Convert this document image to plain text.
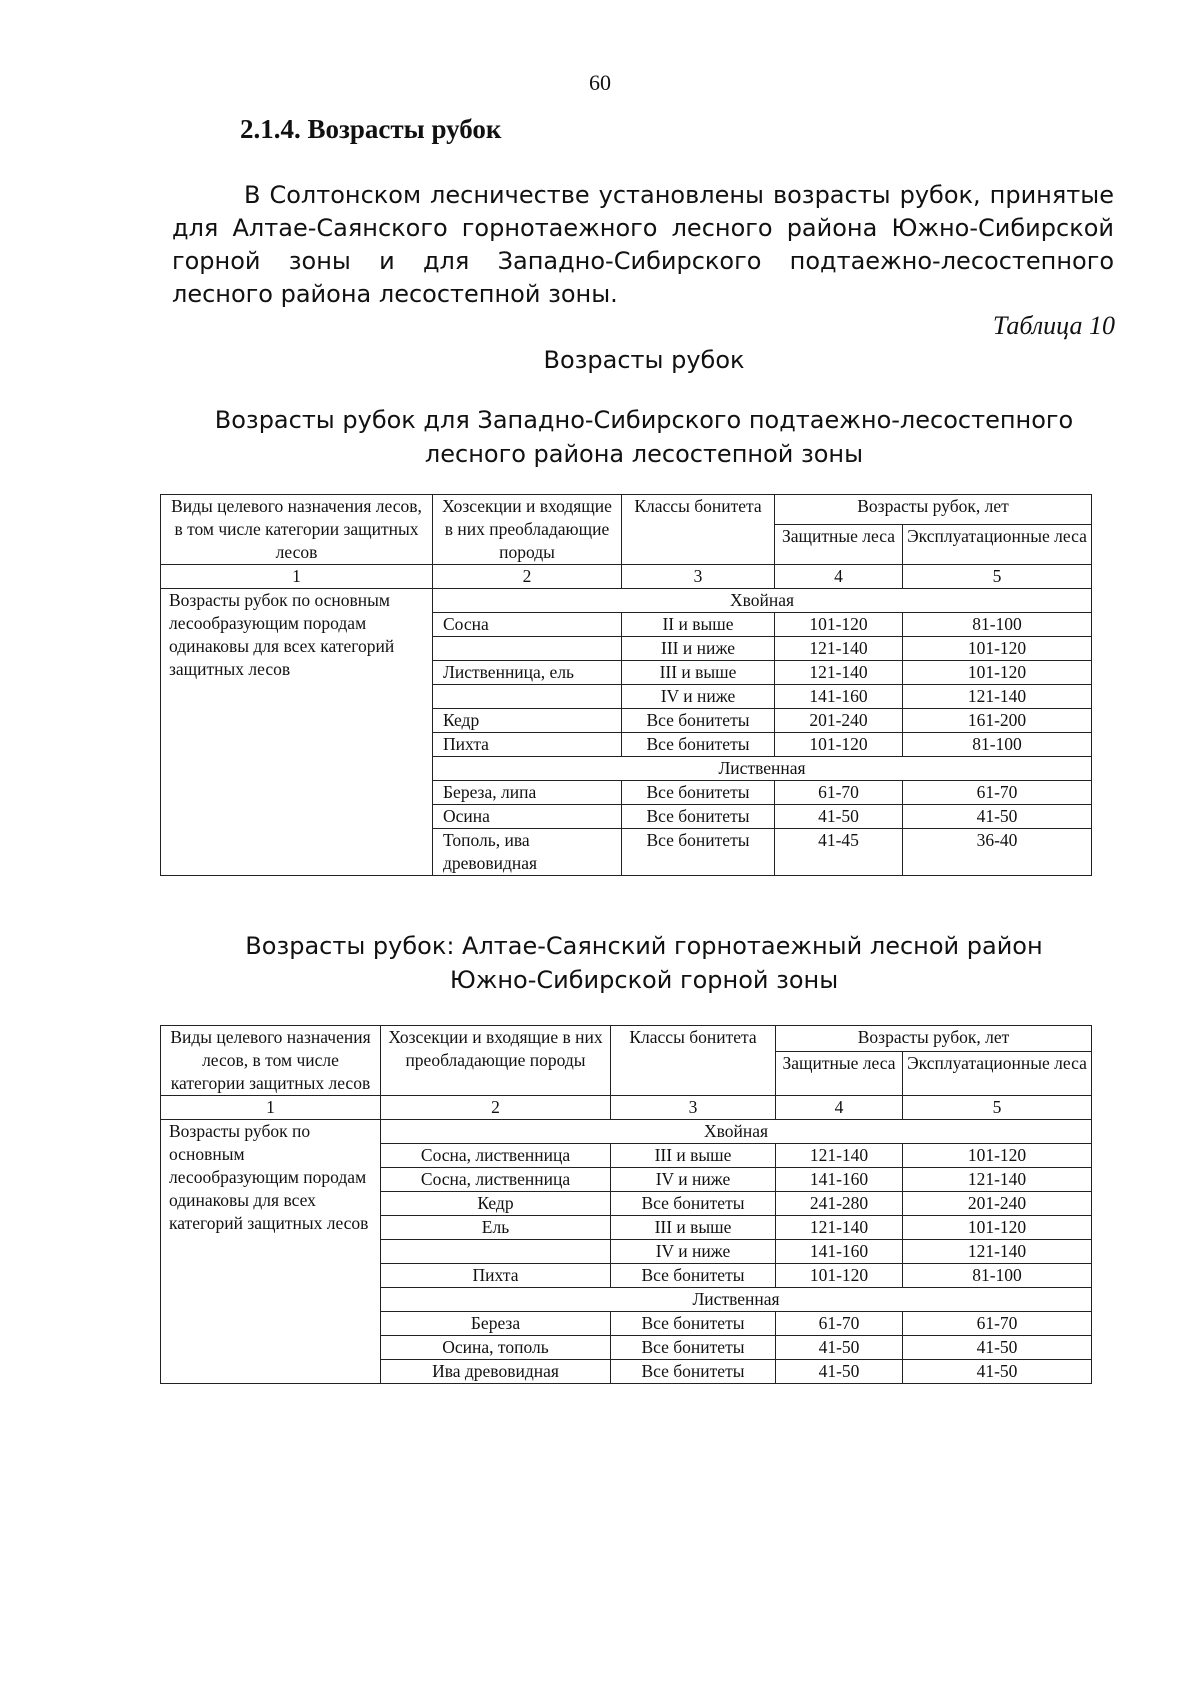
60
2.1.4. Возрасты рубок
В Солтонском лесничестве установлены возрасты рубок, принятые для Алтае-Саянского горнотаежного лесного района Южно-Сибирской горной зоны и для Западно-Сибирского подтаежно-лесостепного лесного района лесостепной зоны.
Таблица 10
Возрасты рубок
Возрасты рубок для Западно-Сибирского подтаежно-лесостепного
лесного района лесостепной зоны
Виды целевого назначения лесов, в том числе категории защитных лесов	Хозсекции и входящие в них преобладающие породы	Классы бонитета	Возрасты рубок, лет	
			Защитные леса	Эксплуатационные леса
1	2	3	4	5
Возрасты рубок по основным лесообразующим породам одинаковы для всех категорий защитных лесов	Хвойная			
	Сосна	II и выше	101-120	81-100
		III и ниже	121-140	101-120
	Лиственница, ель	III и выше	121-140	101-120
		IV и ниже	141-160	121-140
	Кедр	Все бонитеты	201-240	161-200
	Пихта	Все бонитеты	101-120	81-100
	Лиственная			
	Береза, липа	Все бонитеты	61-70	61-70
	Осина	Все бонитеты	41-50	41-50
	Тополь, ива древовидная	Все бонитеты	41-45	36-40
Возрасты рубок: Алтае-Саянский горнотаежный лесной район
Южно-Сибирской горной зоны
Виды целевого назначения лесов, в том числе категории защитных лесов	Хозсекции и входящие в них преобладающие породы	Классы бонитета	Возрасты рубок, лет	
			Защитные леса	Эксплуатационные леса
1	2	3	4	5
Возрасты рубок по основным лесообразующим породам одинаковы для всех категорий защитных лесов	Хвойная			
	Сосна, лиственница	III и выше	121-140	101-120
	Сосна, лиственница	IV и ниже	141-160	121-140
	Кедр	Все бонитеты	241-280	201-240
	Ель	III и выше	121-140	101-120
		IV и ниже	141-160	121-140
	Пихта	Все бонитеты	101-120	81-100
	Лиственная			
	Береза	Все бонитеты	61-70	61-70
	Осина, тополь	Все бонитеты	41-50	41-50
	Ива древовидная	Все бонитеты	41-50	41-50
